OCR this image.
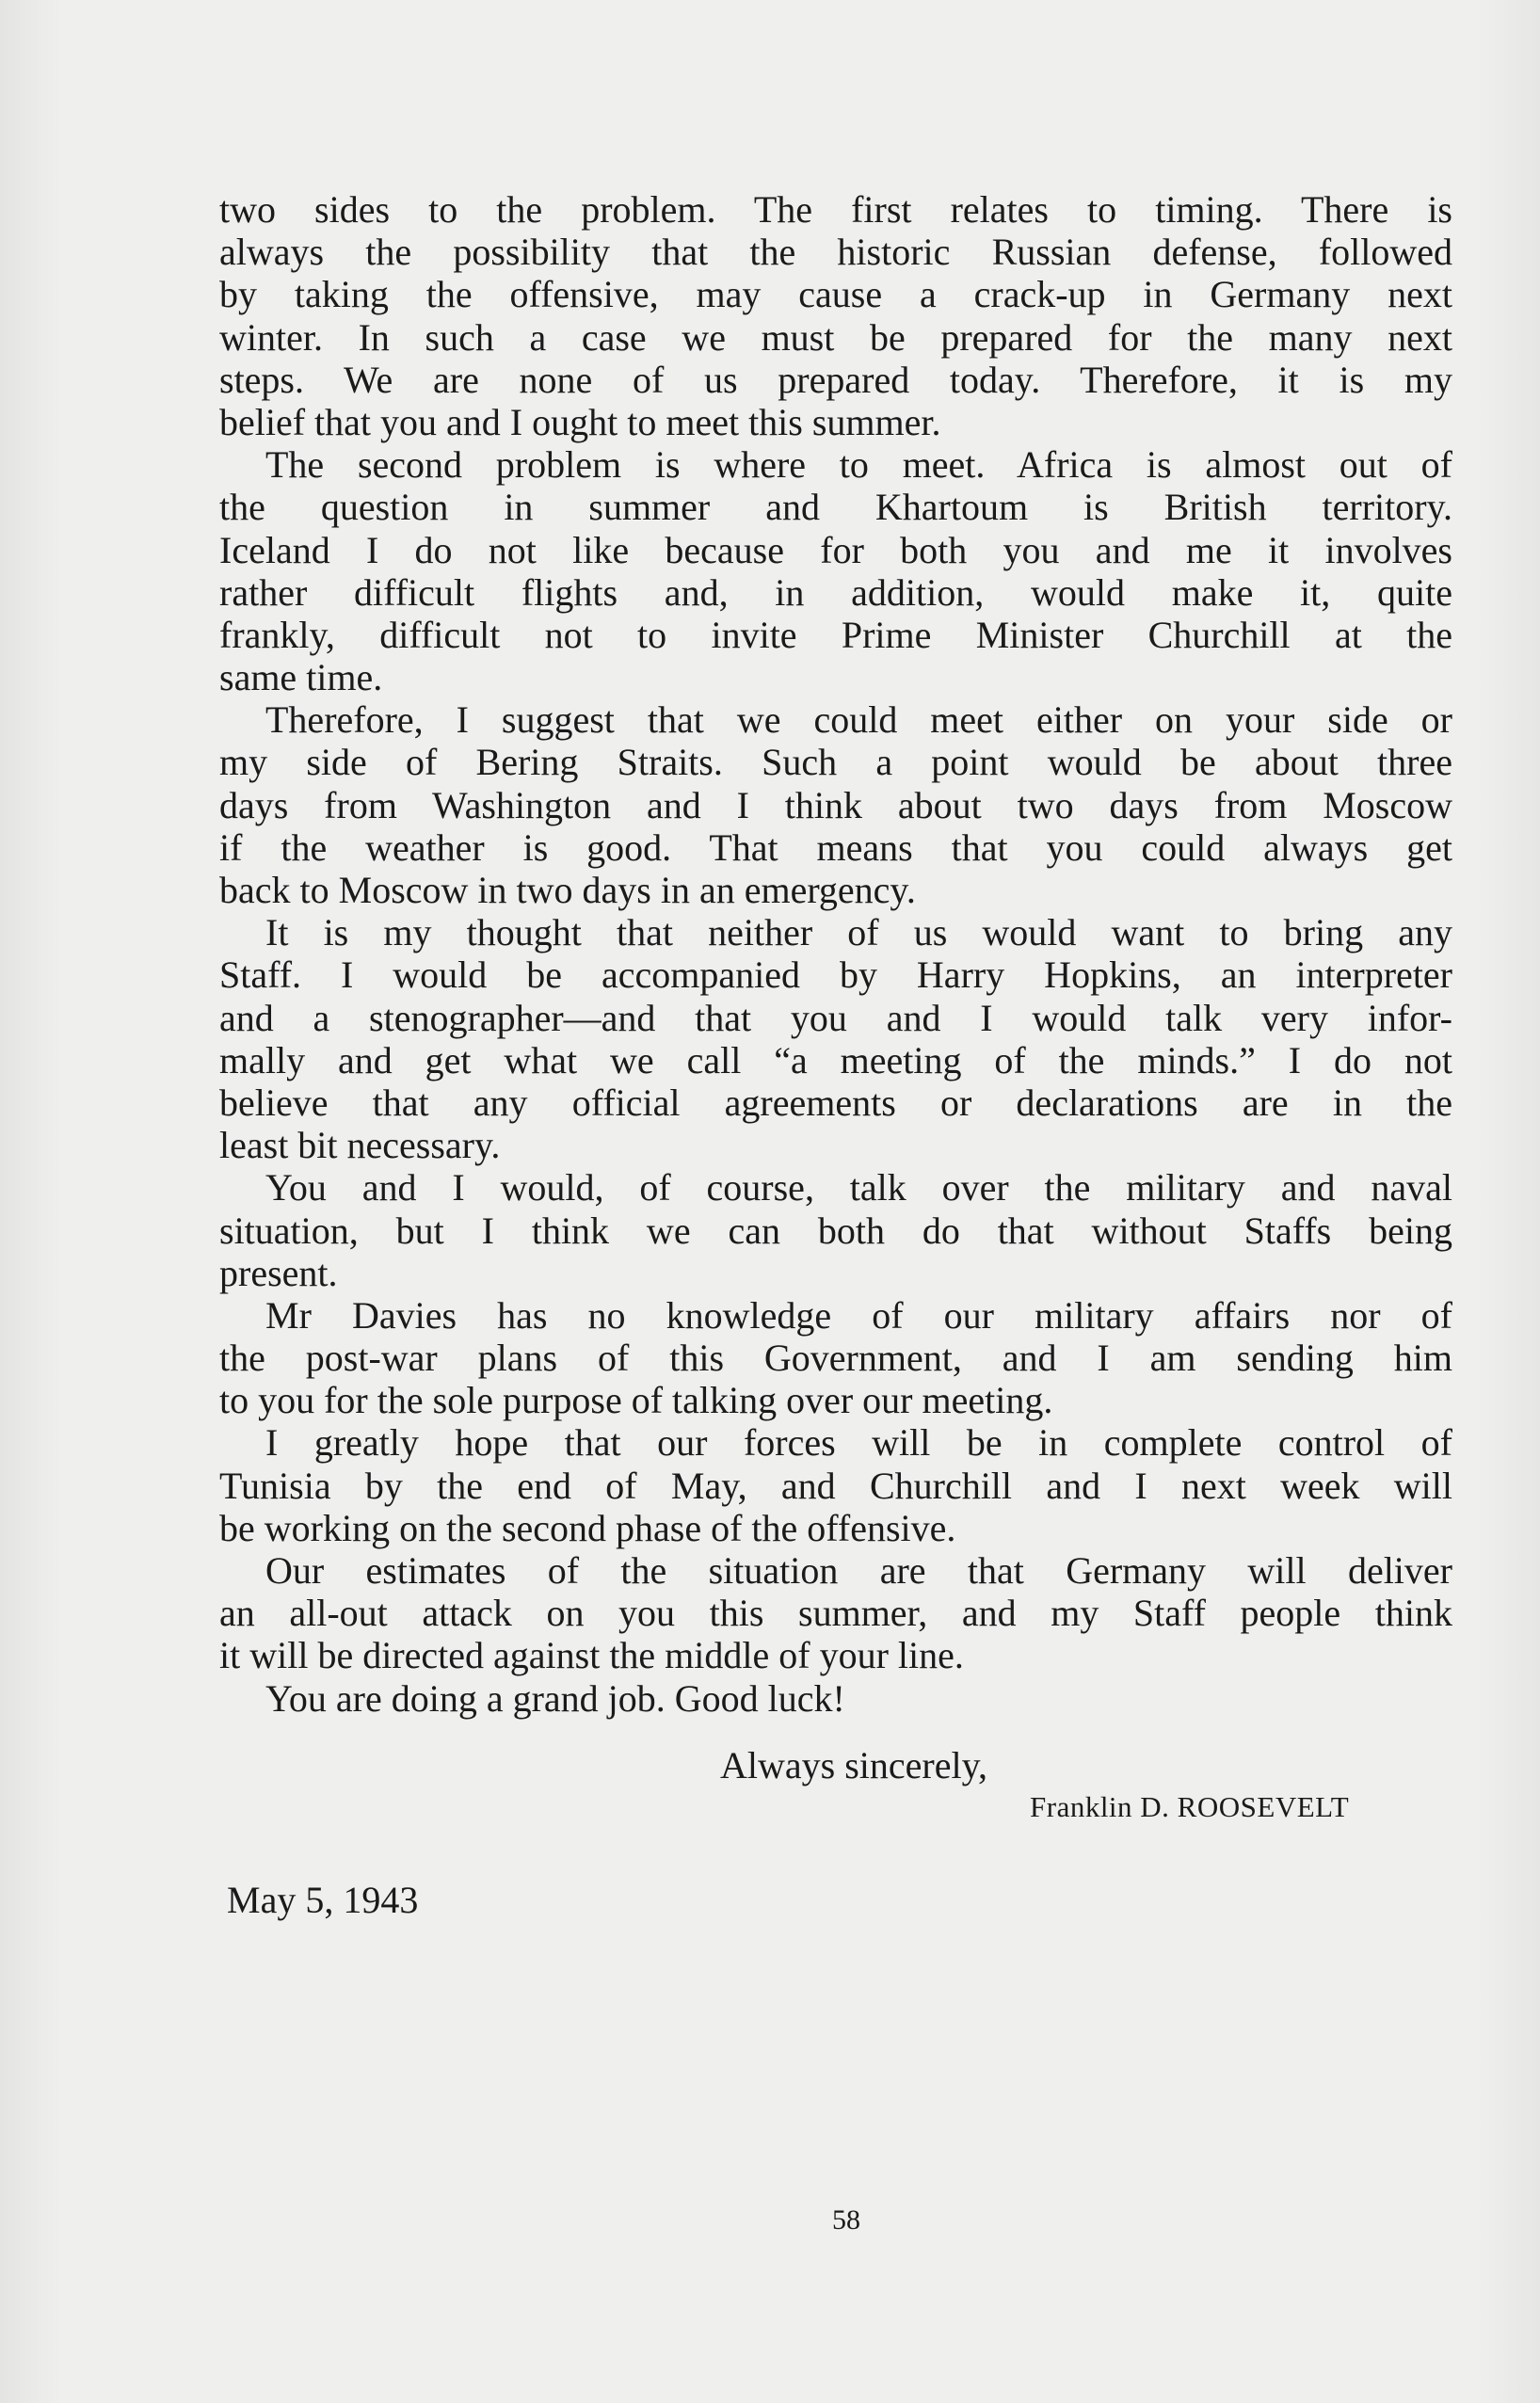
two sides to the problem. The first relates to timing. There is
always the possibility that the historic Russian defense, followed
by taking the offensive, may cause a crack-up in Germany next
winter. In such a case we must be prepared for the many next
steps. We are none of us prepared today. Therefore, it is my
belief that you and I ought to meet this summer.
The second problem is where to meet. Africa is almost out of
the question in summer and Khartoum is British territory.
Iceland I do not like because for both you and me it involves
rather difficult flights and, in addition, would make it, quite
frankly, difficult not to invite Prime Minister Churchill at the
same time.
Therefore, I suggest that we could meet either on your side or
my side of Bering Straits. Such a point would be about three
days from Washington and I think about two days from Moscow
if the weather is good. That means that you could always get
back to Moscow in two days in an emergency.
It is my thought that neither of us would want to bring any
Staff. I would be accompanied by Harry Hopkins, an interpreter
and a stenographer—and that you and I would talk very infor-
mally and get what we call “a meeting of the minds.” I do not
believe that any official agreements or declarations are in the
least bit necessary.
You and I would, of course, talk over the military and naval
situation, but I think we can both do that without Staffs being
present.
Mr Davies has no knowledge of our military affairs nor of
the post-war plans of this Government, and I am sending him
to you for the sole purpose of talking over our meeting.
I greatly hope that our forces will be in complete control of
Tunisia by the end of May, and Churchill and I next week will
be working on the second phase of the offensive.
Our estimates of the situation are that Germany will deliver
an all-out attack on you this summer, and my Staff people think
it will be directed against the middle of your line.
You are doing a grand job. Good luck!
Always sincerely,
Franklin D. ROOSEVELT
May 5, 1943
58
